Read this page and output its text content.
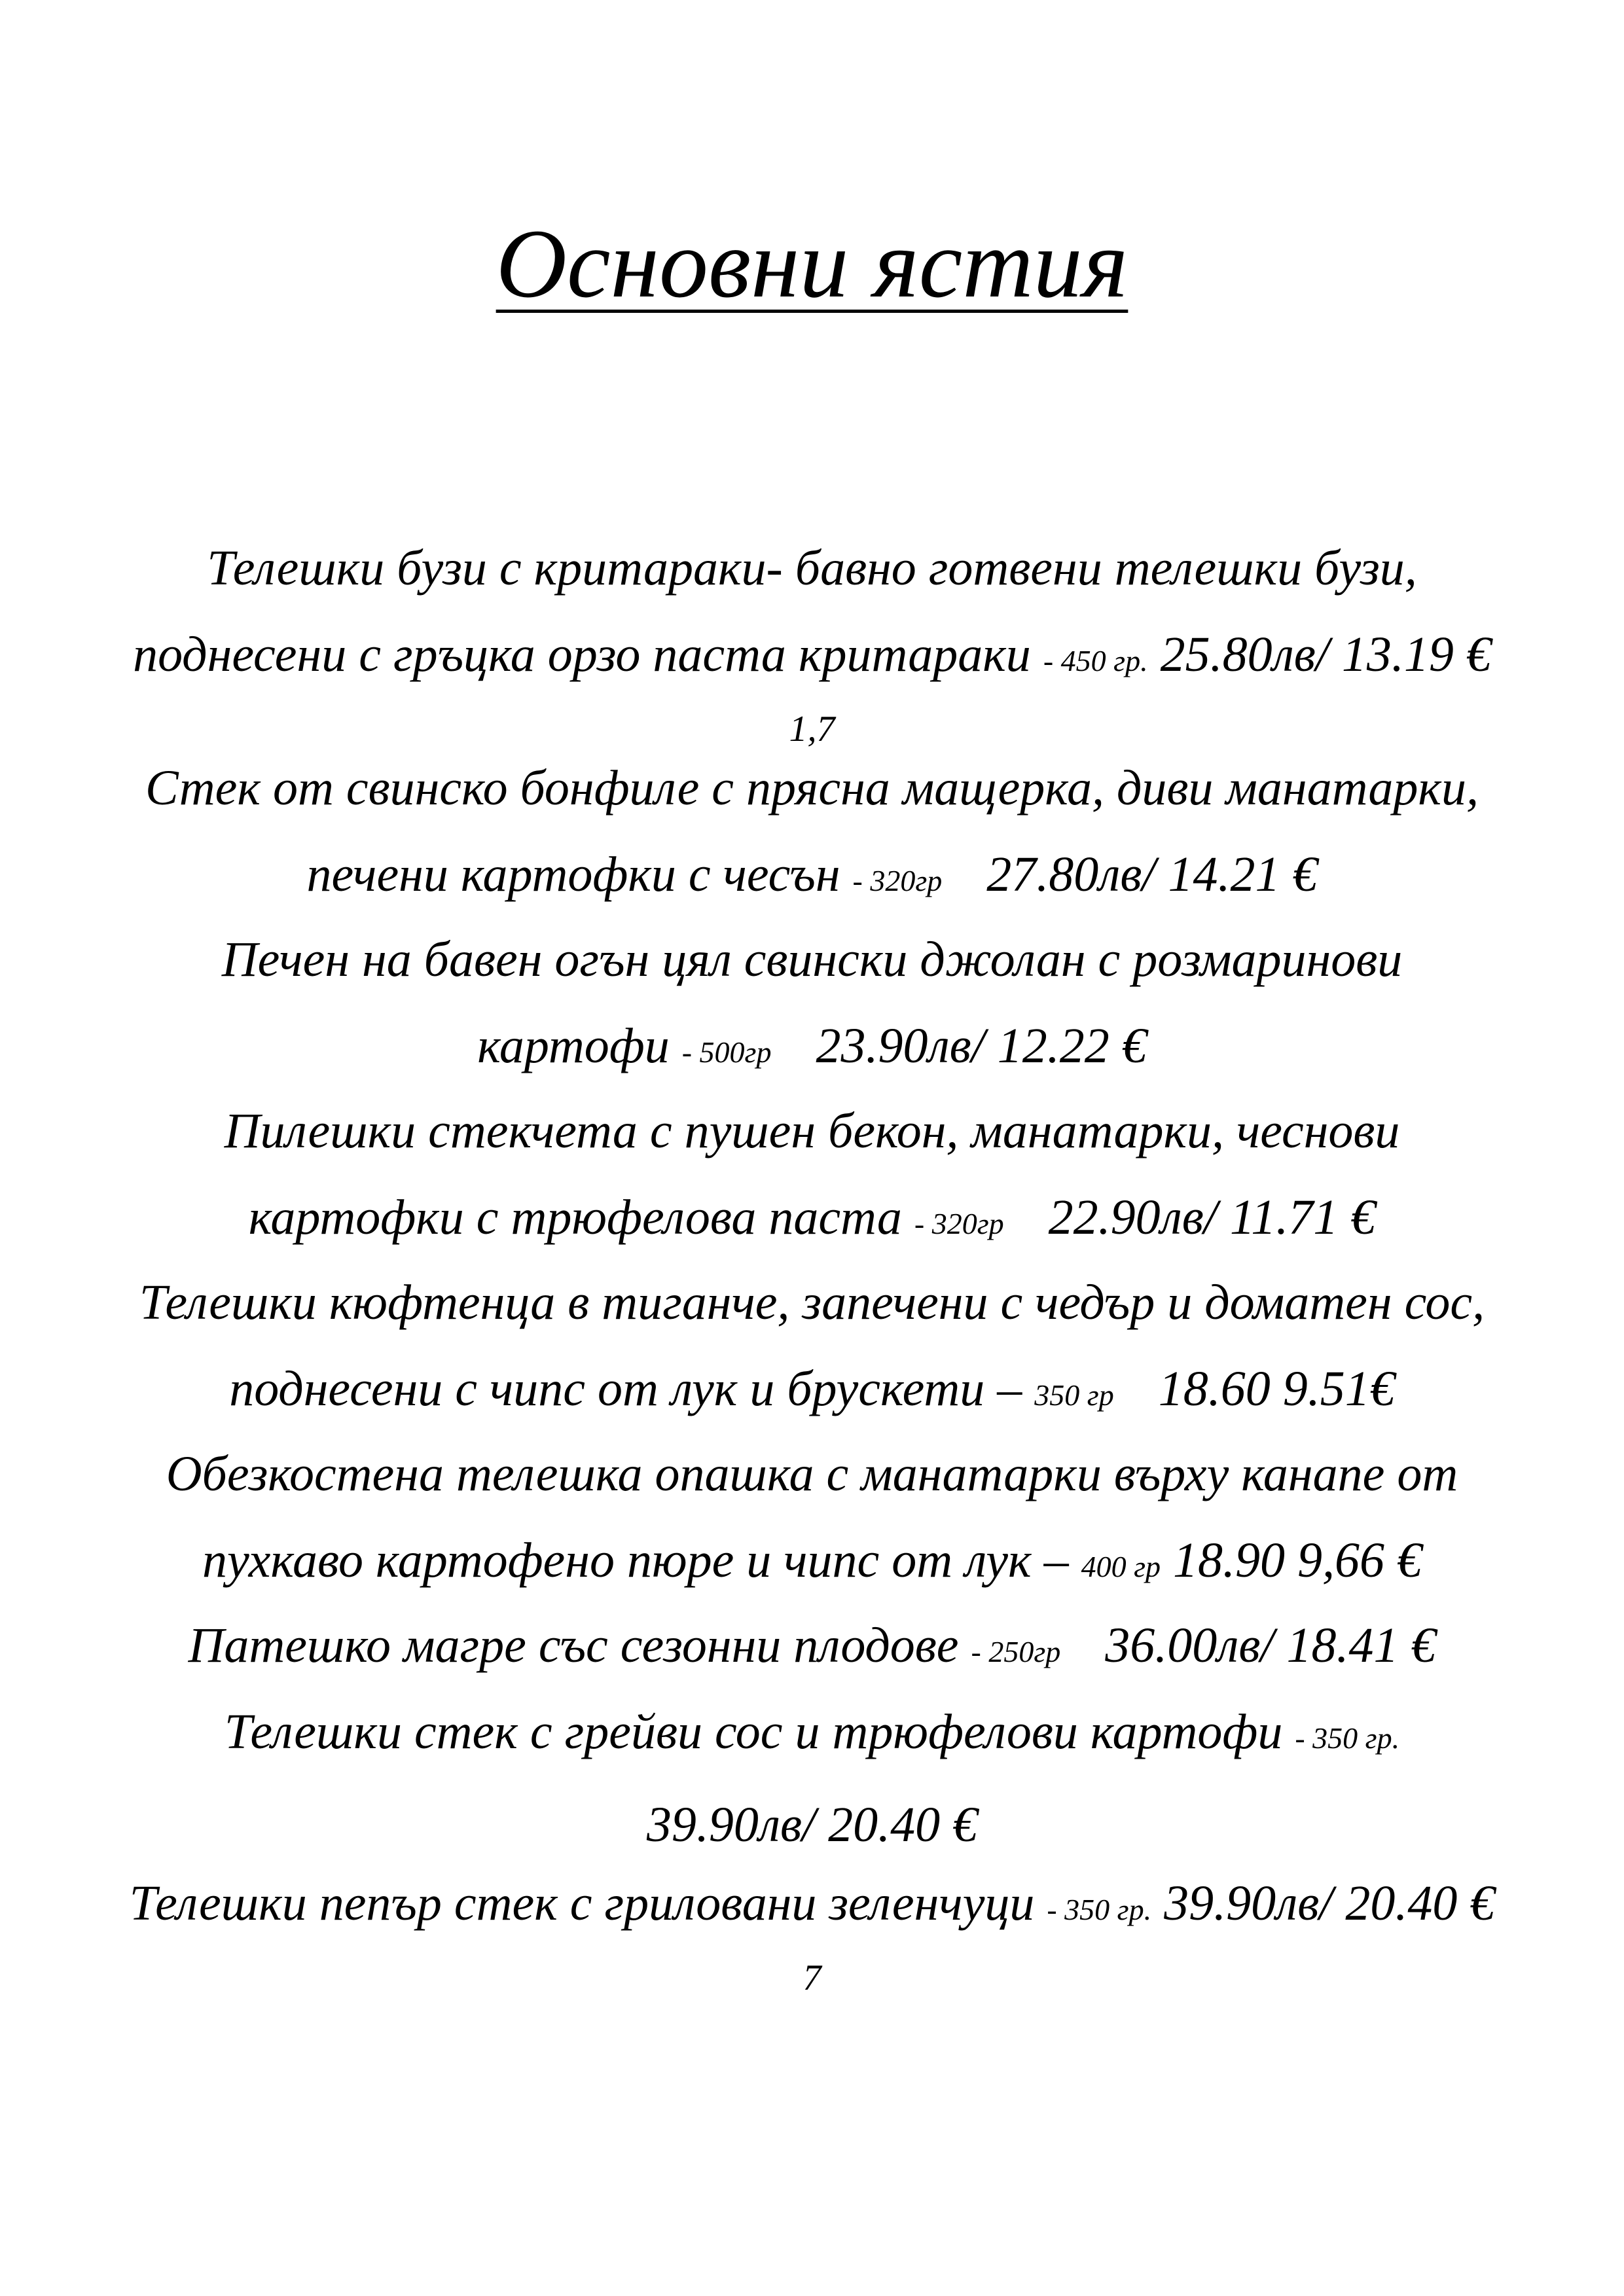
Основни ястия
Телешки бузи с критараки- бавно готвени телешки бузи,
поднесени с гръцка орзо паста критараки - 450 гр. 25.80лв/ 13.19 €
1,7
Стек от свинско бонфиле с прясна мащерка, диви манатарки,
печени картофки с чесън - 320гр 27.80лв/ 14.21 €
Печен на бавен огън цял свински джолан с розмаринови
картофи - 500гр 23.90лв/ 12.22 €
Пилешки стекчета с пушен бекон, манатарки, чеснови
картофки с трюфелова паста - 320гр 22.90лв/ 11.71 €
Телешки кюфтенца в тиганче, запечени с чедър и доматен сос,
поднесени с чипс от лук и брускети – 350 гр 18.60 9.51€
Обезкостена телешка опашка с манатарки върху канапе от
пухкаво картофено пюре и чипс от лук – 400 гр 18.90 9,66 €
Патешко магре със сезонни плодове - 250гр 36.00лв/ 18.41 €
Телешки стек с грейви сос и трюфелови картофи - 350 гр.
39.90лв/ 20.40 €
Телешки пепър стек с гриловани зеленчуци - 350 гр. 39.90лв/ 20.40 €
7
